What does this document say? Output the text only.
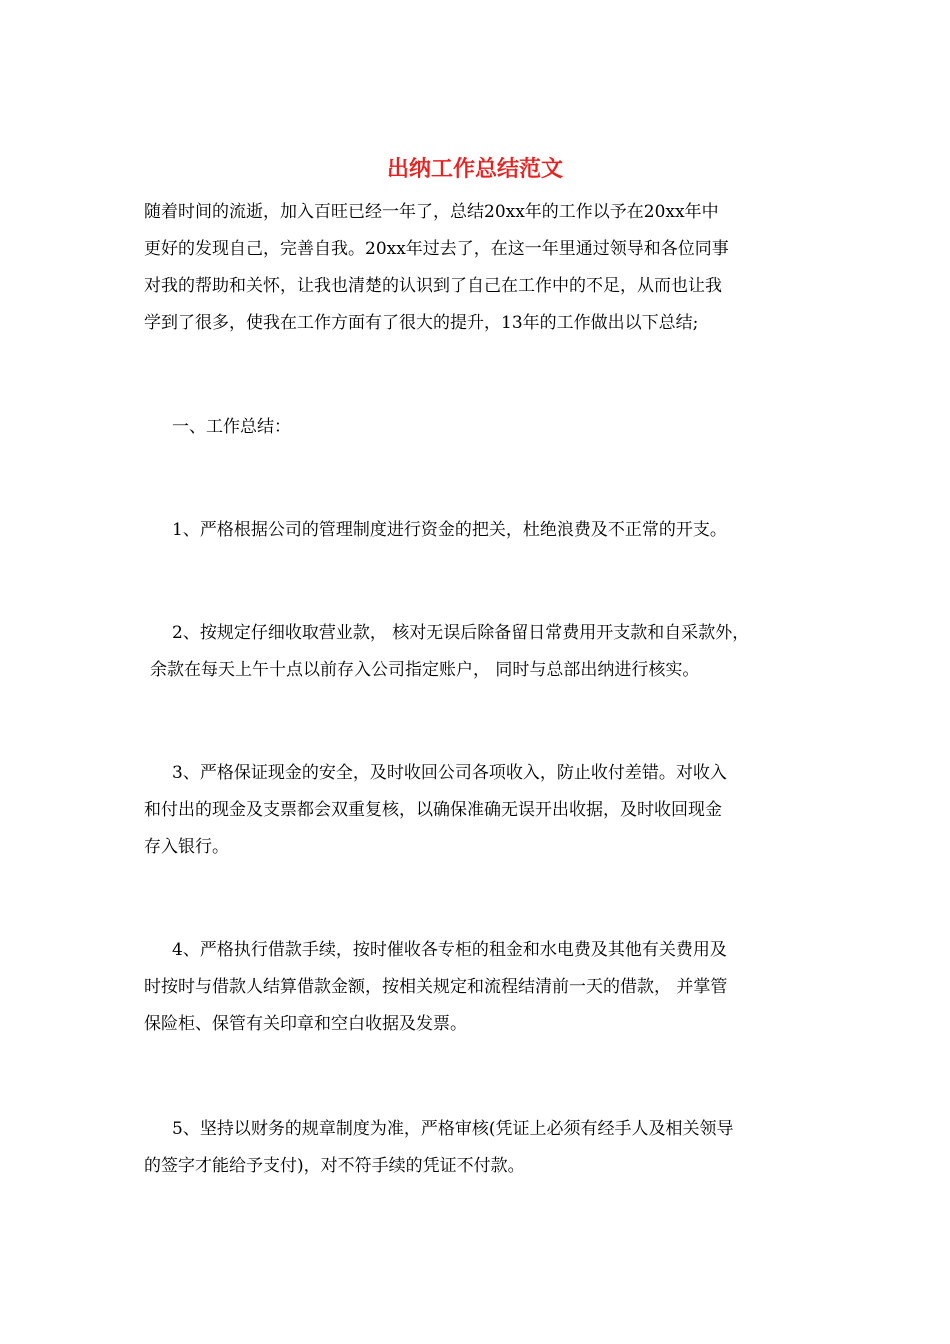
出纳工作总结范文

随着时间的流逝，加入百旺已经一年了，总结20xx年的工作以予在20xx年中
更好的发现自己，完善自我。20xx年过去了，在这一年里通过领导和各位同事
对我的帮助和关怀，让我也清楚的认识到了自己在工作中的不足，从而也让我
学到了很多，使我在工作方面有了很大的提升，13年的工作做出以下总结;

一、工作总结：

1、严格根据公司的管理制度进行资金的把关，杜绝浪费及不正常的开支。

2、按规定仔细收取营业款， 核对无误后除备留日常费用开支款和自采款外，
余款在每天上午十点以前存入公司指定账户， 同时与总部出纳进行核实。

3、严格保证现金的安全，及时收回公司各项收入，防止收付差错。对收入
和付出的现金及支票都会双重复核，以确保准确无误开出收据，及时收回现金
存入银行。

4、严格执行借款手续，按时催收各专柜的租金和水电费及其他有关费用及
时按时与借款人结算借款金额，按相关规定和流程结清前一天的借款， 并掌管
保险柜、保管有关印章和空白收据及发票。

5、坚持以财务的规章制度为准，严格审核(凭证上必须有经手人及相关领导
的签字才能给予支付)，对不符手续的凭证不付款。
